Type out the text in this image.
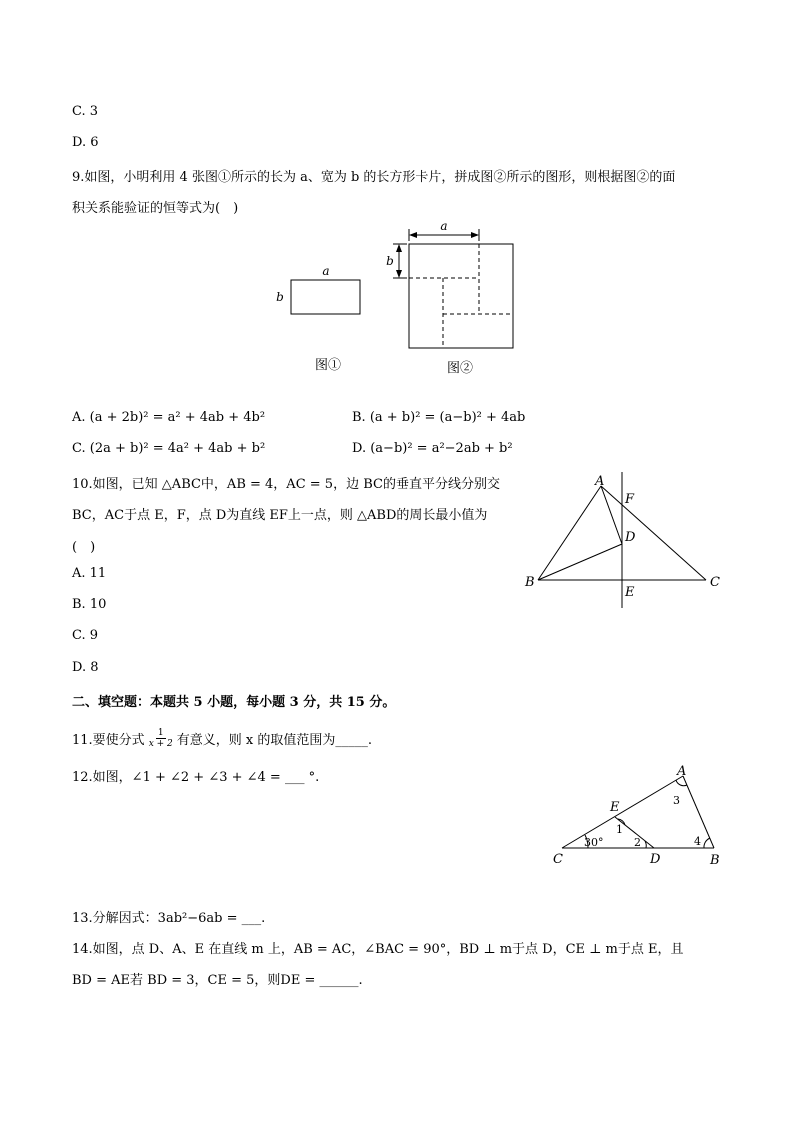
C. 3
D. 6
9.如图，小明利用 4 张图①所示的长为 a、宽为 b 的长方形卡片，拼成图②所示的图形，则根据图②的面
积关系能验证的恒等式为(　)
a
b
图①
a
b
图②
A. (a + 2b)² = a² + 4ab + 4b²	B. (a + b)² = (a−b)² + 4ab
C. (2a + b)² = 4a² + 4ab + b²	D. (a−b)² = a²−2ab + b²
10.如图，已知 △ABC中，AB = 4，AC = 5，边 BC的垂直平分线分别交
BC，AC于点 E，F，点 D为直线 EF上一点，则 △ABD的周长最小值为
(　)
A. 11
B. 10
C. 9
D. 8
A
B	C
D
E
F
二、填空题：本题共 5 小题，每小题 3 分，共 15 分。
11.要使分式 $\frac{1}{x + 2}$ 有意义，则 x 的取值范围为_____.
12.如图，∠1 + ∠2 + ∠3 + ∠4 = ___ °.	A
B
C	D
E
30°
1
2
3
4
13.分解因式：3ab²−6ab = ___.
14.如图，点 D、A、E 在直线 m 上，AB = AC，∠BAC = 90°，BD ⊥ m于点 D，CE ⊥ m于点 E，且
BD = AE若 BD = 3，CE = 5，则DE = ______.
